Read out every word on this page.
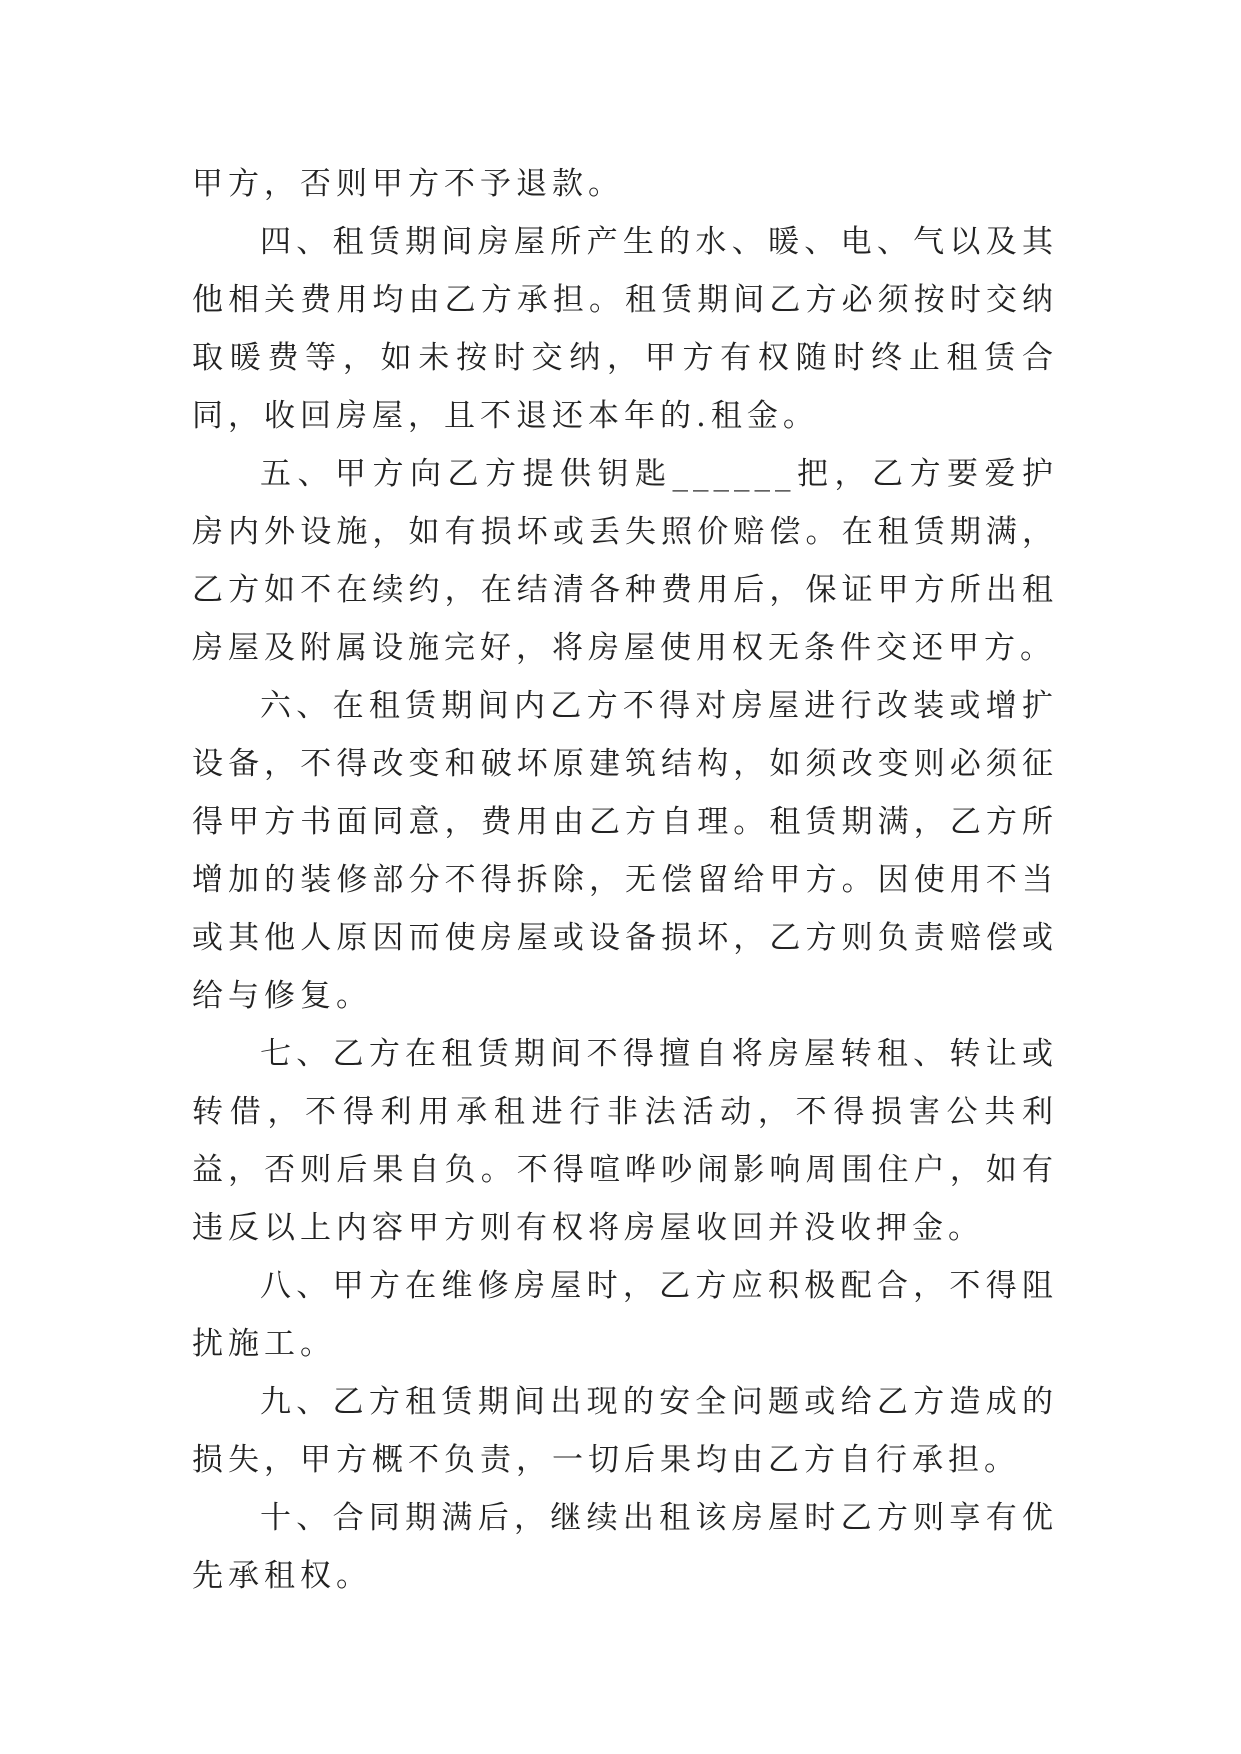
甲方，否则甲方不予退款。

四、租赁期间房屋所产生的水、暖、电、气以及其他相关费用均由乙方承担。租赁期间乙方必须按时交纳取暖费等，如未按时交纳，甲方有权随时终止租赁合同，收回房屋，且不退还本年的.租金。

五、甲方向乙方提供钥匙______把，乙方要爱护房内外设施，如有损坏或丢失照价赔偿。在租赁期满，乙方如不在续约，在结清各种费用后，保证甲方所出租房屋及附属设施完好，将房屋使用权无条件交还甲方。

六、在租赁期间内乙方不得对房屋进行改装或增扩设备，不得改变和破坏原建筑结构，如须改变则必须征得甲方书面同意，费用由乙方自理。租赁期满，乙方所增加的装修部分不得拆除，无偿留给甲方。因使用不当或其他人原因而使房屋或设备损坏，乙方则负责赔偿或给与修复。

七、乙方在租赁期间不得擅自将房屋转租、转让或转借，不得利用承租进行非法活动，不得损害公共利益，否则后果自负。不得喧哗吵闹影响周围住户，如有违反以上内容甲方则有权将房屋收回并没收押金。

八、甲方在维修房屋时，乙方应积极配合，不得阻扰施工。

九、乙方租赁期间出现的安全问题或给乙方造成的损失，甲方概不负责，一切后果均由乙方自行承担。

十、合同期满后，继续出租该房屋时乙方则享有优先承租权。
